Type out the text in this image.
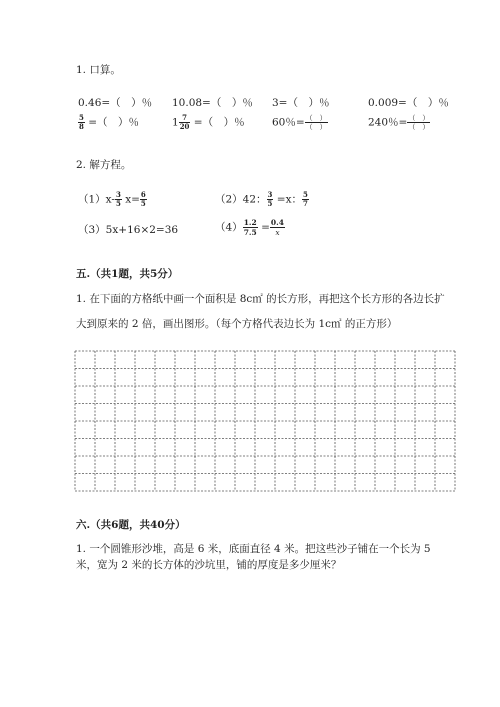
1. 口算。
0.46=（　）％ 10.08=（　）％ 3=（　）％	0.009=（　）％
$\frac{5}{8}$ =（　）％	$1 \frac{7}{20}$ =（　）％	60％= $\frac{( )}{( )}$	240％= $\frac{( )}{( )}$
2. 解方程。
$(1)x- \frac{3}{5} x= \frac{6}{5}$	（2）42： $\frac{3}{5} =x$： $\frac{5}{7}$
（3）5x+16×2=36	$(4) \frac{1.2}{7.5} = \frac{0.4}{x}$
五.（共1题，共5分）
1. 在下面的方格纸中画一个面积是 8c㎡ 的长方形，再把这个长方形的各边长扩
大到原来的 2 倍，画出图形。（每个方格代表边长为 1c㎡ 的正方形）
六.（共6题，共40分）
1. 一个圆锥形沙堆，高是 6 米，底面直径 4 米。把这些沙子铺在一个长为 5
米，宽为 2 米的长方体的沙坑里，铺的厚度是多少厘米？
